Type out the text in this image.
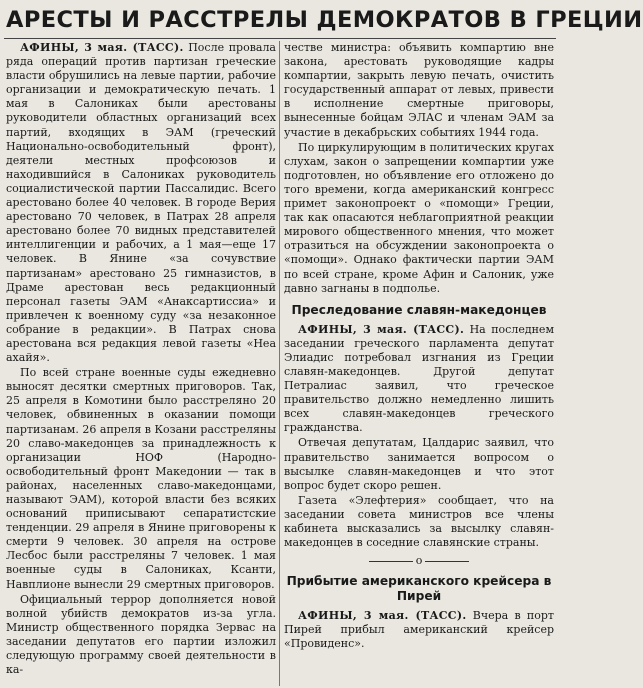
АРЕСТЫ И РАССТРЕЛЫ ДЕМОКРАТОВ В ГРЕЦИИ

АФИНЫ, 3 мая. (ТАСС). После провала ряда операций против партизан греческие власти обрушились на левые партии, рабочие организации и демократическую печать. 1 мая в Салониках были арестованы руководители областных организаций всех партий, входящих в ЭАМ (греческий Национально-освободительный фронт), деятели местных профсоюзов и находившийся в Салониках руководитель социалистической партии Пассалидис. Всего арестовано более 40 человек. В городе Верия арестовано 70 человек, в Патрах 28 апреля арестовано более 70 видных представителей интеллигенции и рабочих, а 1 мая—еще 17 человек. В Янине «за сочувствие партизанам» арестовано 25 гимназистов, в Драме арестован весь редакционный персонал газеты ЭАМ «Анаксартиссиа» и привлечен к военному суду «за незаконное собрание в редакции». В Патрах снова арестована вся редакция левой газеты «Неа ахайя».

По всей стране военные суды ежедневно выносят десятки смертных приговоров. Так, 25 апреля в Комотини было расстреляно 20 человек, обвиненных в оказании помощи партизанам. 26 апреля в Козани расстреляны 20 славо-македонцев за принадлежность к организации НОФ (Народно-освободительный фронт Македонии — так в районах, населенных славо-македонцами, называют ЭАМ), которой власти без всяких оснований приписывают сепаратистские тенденции. 29 апреля в Янине приговорены к смерти 9 человек. 30 апреля на острове Лесбос были расстреляны 7 человек. 1 мая военные суды в Салониках, Ксанти, Навплионе вынесли 29 смертных приговоров.

Официальный террор дополняется новой волной убийств демократов из-за угла. Министр общественного порядка Зервас на заседании депутатов его партии изложил следующую программу своей деятельности в ка-

честве министра: объявить компартию вне закона, арестовать руководящие кадры компартии, закрыть левую печать, очистить государственный аппарат от левых, привести в исполнение смертные приговоры, вынесенные бойцам ЭЛАС и членам ЭАМ за участие в декабрьских событиях 1944 года.

По циркулирующим в политических кругах слухам, закон о запрещении компартии уже подготовлен, но объявление его отложено до того времени, когда американский конгресс примет законопроект о «помощи» Греции, так как опасаются неблагоприятной реакции мирового общественного мнения, что может отразиться на обсуждении законопроекта о «помощи». Однако фактически партии ЭАМ по всей стране, кроме Афин и Салоник, уже давно загнаны в подполье.

Преследование славян-македонцев

АФИНЫ, 3 мая. (ТАСС). На последнем заседании греческого парламента депутат Элиадис потребовал изгнания из Греции славян-македонцев. Другой депутат Петралиас заявил, что греческое правительство должно немедленно лишить всех славян-македонцев греческого гражданства.

Отвечая депутатам, Цалдарис заявил, что правительство занимается вопросом о высылке славян-македонцев и что этот вопрос будет скоро решен.

Газета «Элефтерия» сообщает, что на заседании совета министров все члены кабинета высказались за высылку славян-македонцев в соседние славянские страны.

о
Прибытие американского крейсера в Пирей

АФИНЫ, 3 мая. (ТАСС). Вчера в порт Пирей прибыл американский крейсер «Провиденс».
